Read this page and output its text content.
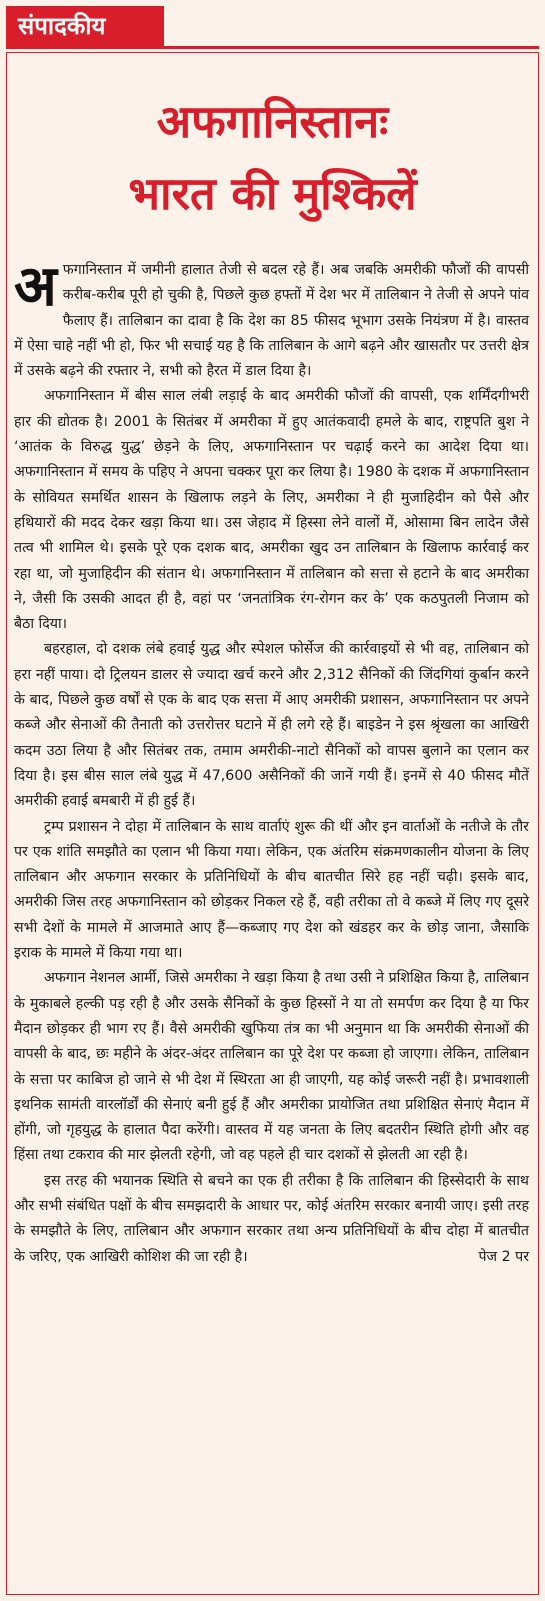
संपादकीय
अफगानिस्तानः
भारत की मुश्किलें

अफगानिस्तान में जमीनी हालात तेजी से बदल रहे हैं। अब जबकि अमरीकी फौजों की वापसी करीब-करीब पूरी हो चुकी है, पिछले कुछ हफ्तों में देश भर में तालिबान ने तेजी से अपने पांव फैलाए हैं। तालिबान का दावा है कि देश का 85 फीसद भूभाग उसके नियंत्रण में है। वास्तव में ऐसा चाहे नहीं भी हो, फिर भी सचाई यह है कि तालिबान के आगे बढ़ने और खासतौर पर उत्तरी क्षेत्र में उसके बढ़ने की रफ्तार ने, सभी को हैरत में डाल दिया है।

अफगानिस्तान में बीस साल लंबी लड़ाई के बाद अमरीकी फौजों की वापसी, एक शर्मिंदगीभरी हार की द्योतक है। 2001 के सितंबर में अमरीका में हुए आतंकवादी हमले के बाद, राष्ट्रपति बुश ने ‘आतंक के विरुद्ध युद्ध’ छेड़ने के लिए, अफगानिस्तान पर चढ़ाई करने का आदेश दिया था। अफगानिस्तान में समय के पहिए ने अपना चक्कर पूरा कर लिया है। 1980 के दशक में अफगानिस्तान के सोवियत समर्थित शासन के खिलाफ लड़ने के लिए, अमरीका ने ही मुजाहिदीन को पैसे और हथियारों की मदद देकर खड़ा किया था। उस जेहाद में हिस्सा लेने वालों में, ओसामा बिन लादेन जैसे तत्व भी शामिल थे। इसके पूरे एक दशक बाद, अमरीका खुद उन तालिबान के खिलाफ कार्रवाई कर रहा था, जो मुजाहिदीन की संतान थे। अफगानिस्तान में तालिबान को सत्ता से हटाने के बाद अमरीका ने, जैसी कि उसकी आदत ही है, वहां पर ‘जनतांत्रिक रंग-रोगन कर के’ एक कठपुतली निजाम को बैठा दिया।

बहरहाल, दो दशक लंबे हवाई युद्ध और स्पेशल फोर्सेज की कार्रवाइयों से भी वह, तालिबान को हरा नहीं पाया। दो ट्रिलयन डालर से ज्यादा खर्च करने और 2,312 सैनिकों की जिंदगियां कुर्बान करने के बाद, पिछले कुछ वर्षों से एक के बाद एक सत्ता में आए अमरीकी प्रशासन, अफगानिस्तान पर अपने कब्जे और सेनाओं की तैनाती को उत्तरोत्तर घटाने में ही लगे रहे हैं। बाइडेन ने इस श्रृंखला का आखिरी कदम उठा लिया है और सितंबर तक, तमाम अमरीकी-नाटो सैनिकों को वापस बुलाने का एलान कर दिया है। इस बीस साल लंबे युद्ध में 47,600 असैनिकों की जानें गयी हैं। इनमें से 40 फीसद मौतें अमरीकी हवाई बमबारी में ही हुई हैं।

ट्रम्प प्रशासन ने दोहा में तालिबान के साथ वार्ताएं शुरू की थीं और इन वार्ताओं के नतीजे के तौर पर एक शांति समझौते का एलान भी किया गया। लेकिन, एक अंतरिम संक्रमणकालीन योजना के लिए तालिबान और अफगान सरकार के प्रतिनिधियों के बीच बातचीत सिरे हह नहीं चढ़ी। इसके बाद, अमरीकी जिस तरह अफगानिस्तान को छोड़कर निकल रहे हैं, वही तरीका तो वे कब्जे में लिए गए दूसरे सभी देशों के मामले में आजमाते आए हैं—कब्जाए गए देश को खंडहर कर के छोड़ जाना, जैसाकि इराक के मामले में किया गया था।

अफगान नेशनल आर्मी, जिसे अमरीका ने खड़ा किया है तथा उसी ने प्रशिक्षित किया है, तालिबान के मुकाबले हल्की पड़ रही है और उसके सैनिकों के कुछ हिस्सों ने या तो समर्पण कर दिया है या फिर मैदान छोड़कर ही भाग रए हैं। वैसे अमरीकी खुफिया तंत्र का भी अनुमान था कि अमरीकी सेनाओं की वापसी के बाद, छः महीने के अंदर-अंदर तालिबान का पूरे देश पर कब्जा हो जाएगा। लेकिन, तालिबान के सत्ता पर काबिज हो जाने से भी देश में स्थिरता आ ही जाएगी, यह कोई जरूरी नहीं है। प्रभावशाली इथनिक सामंती वारलॉर्डों की सेनाएं बनी हुई हैं और अमरीका प्रायोजित तथा प्रशिक्षित सेनाएं मैदान में होंगी, जो गृहयुद्ध के हालात पैदा करेंगी। वास्तव में यह जनता के लिए बदतरीन स्थिति होगी और वह हिंसा तथा टकराव की मार झेलती रहेगी, जो वह पहले ही चार दशकों से झेलती आ रही है।

इस तरह की भयानक स्थिति से बचने का एक ही तरीका है कि तालिबान की हिस्सेदारी के साथ और सभी संबंधित पक्षों के बीच समझदारी के आधार पर, कोई अंतरिम सरकार बनायी जाए। इसी तरह के समझौते के लिए, तालिबान और अफगान सरकार तथा अन्य प्रतिनिधियों के बीच दोहा में बातचीत के जरिए, एक आखिरी कोशिश की जा रही है।	पेज 2 पर
